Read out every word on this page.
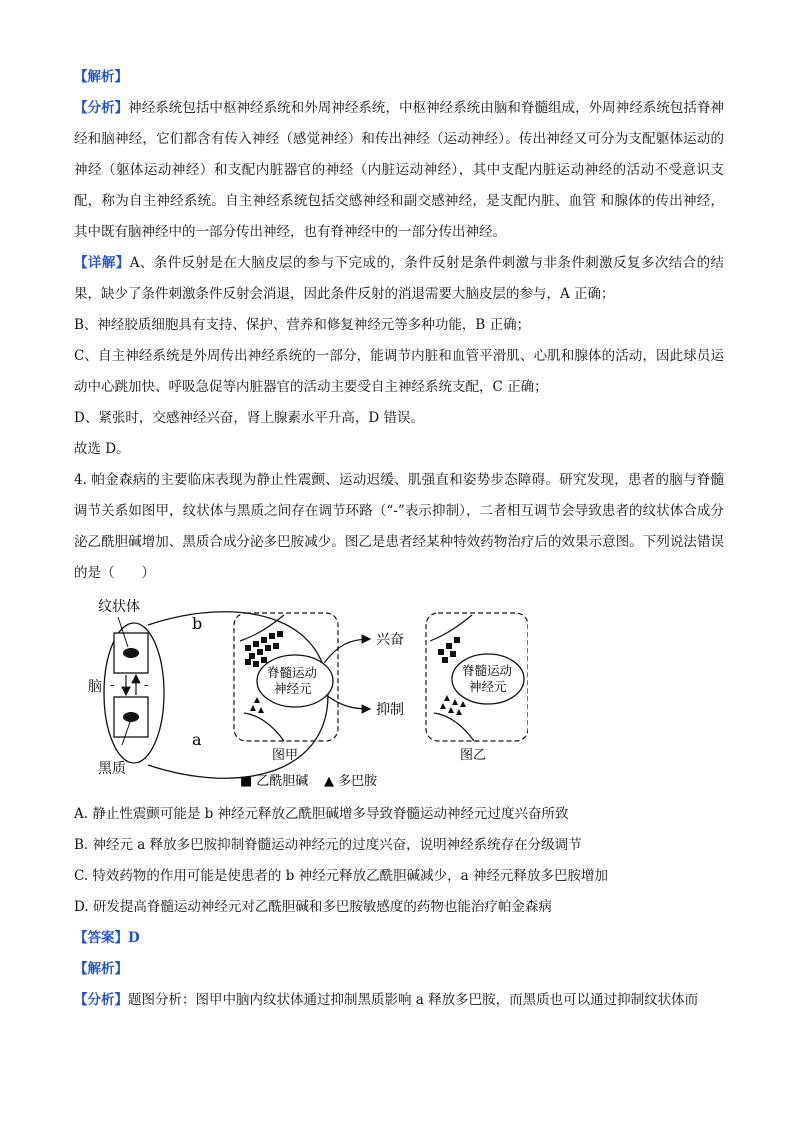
【解析】

【分析】神经系统包括中枢神经系统和外周神经系统，中枢神经系统由脑和脊髓组成，外周神经系统包括脊神经和脑神经，它们都含有传入神经（感觉神经）和传出神经（运动神经）。传出神经又可分为支配躯体运动的神经（躯体运动神经）和支配内脏器官的神经（内脏运动神经），其中支配内脏运动神经的活动不受意识支配，称为自主神经系统。自主神经系统包括交感神经和副交感神经，是支配内脏、血管 和腺体的传出神经，其中既有脑神经中的一部分传出神经，也有脊神经中的一部分传出神经。

【详解】A、条件反射是在大脑皮层的参与下完成的，条件反射是条件刺激与非条件刺激反复多次结合的结果，缺少了条件刺激条件反射会消退，因此条件反射的消退需要大脑皮层的参与，A 正确；

B、神经胶质细胞具有支持、保护、营养和修复神经元等多种功能，B 正确；

C、自主神经系统是外周传出神经系统的一部分，能调节内脏和血管平滑肌、心肌和腺体的活动，因此球员运动中心跳加快、呼吸急促等内脏器官的活动主要受自主神经系统支配，C 正确；

D、紧张时，交感神经兴奋，肾上腺素水平升高，D 错误。

故选 D。

4. 帕金森病的主要临床表现为静止性震颤、运动迟缓、肌强直和姿势步态障碍。研究发现，患者的脑与脊髓调节关系如图甲，纹状体与黑质之间存在调节环路（“-”表示抑制），二者相互调节会导致患者的纹状体合成分泌乙酰胆碱增加、黑质合成分泌多巴胺减少。图乙是患者经某种特效药物治疗后的效果示意图。下列说法错误的是（　　）

纹状体
脑
黑质
b
a
-
-
脊髓运动
神经元
兴奋
抑制
图甲
脊髓运动
神经元
图乙
■ 乙酰胆碱 ▲ 多巴胺

A. 静止性震颤可能是 b 神经元释放乙酰胆碱增多导致脊髓运动神经元过度兴奋所致

B. 神经元 a 释放多巴胺抑制脊髓运动神经元的过度兴奋，说明神经系统存在分级调节

C. 特效药物的作用可能是使患者的 b 神经元释放乙酰胆碱减少，a 神经元释放多巴胺增加

D. 研发提高脊髓运动神经元对乙酰胆碱和多巴胺敏感度的药物也能治疗帕金森病

【答案】D

【解析】

【分析】题图分析：图甲中脑内纹状体通过抑制黑质影响 a 释放多巴胺，而黑质也可以通过抑制纹状体而
